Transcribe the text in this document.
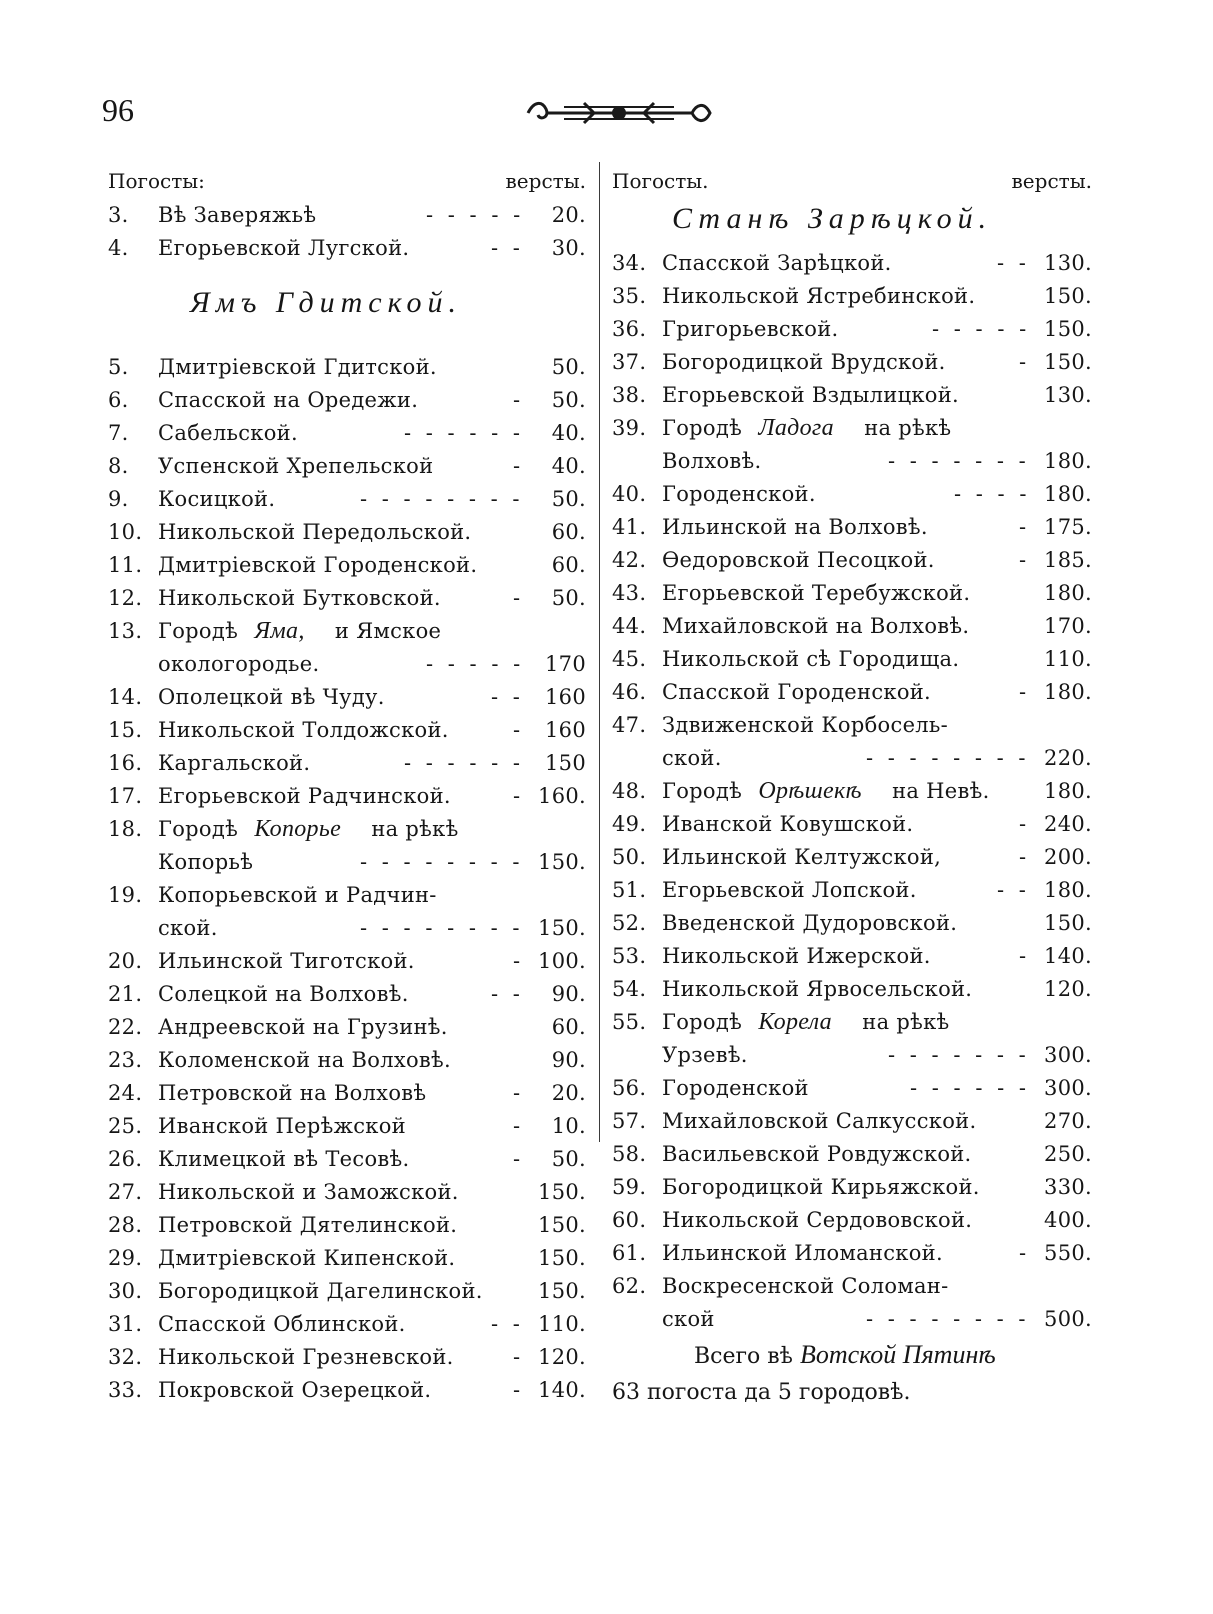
96
Погосты:	версты.
3.	Вѣ Заверяжьѣ	- - - - - 20.
4.	Егорьевской Лугской.	- - 30.
Ямъ Гдитской.
5.	Дмитріевской Гдитской.	50.
6.	Спасской на Оредежи.	- 50.
7.	Сабельской.	- - - - - - 40.
8.	Успенской Хрепельской	- 40.
9.	Косицкой.	- - - - - - - - 50.
10. Никольской Передольской.	60.
11. Дмитріевской Городенской.	60.
12. Никольской Бутковской.	- 50.
13. Городѣ Яма, и Ямское
окологородье.	- - - - - 170
14. Ополецкой вѣ Чуду.	- - 160
15. Никольской Толдожской.	- 160
16. Каргальской.	- - - - - - 150
17. Егорьевской Радчинской.	- 160.
18. Городѣ Копорье на рѣкѣ
Копорьѣ	- - - - - - - - 150.
19. Копорьевской и Радчин-
ской.	- - - - - - - - 150.
20. Ильинской Тиготской.	- 100.
21. Солецкой на Волховѣ.	- - 90.
22. Андреевской на Грузинѣ.	60.
23. Коломенской на Волховѣ.	90.
24. Петровской на Волховѣ	- 20.
25. Иванской Перѣжской	- 10.
26. Климецкой вѣ Тесовѣ.	- 50.
27. Никольской и Заможской.	150.
28. Петровской Дятелинской.	150.
29. Дмитріевской Кипенской.	150.
30. Богородицкой Дагелинской.	150.
31. Спасской Облинской.	- - 110.
32. Никольской Грезневской.	- 120.
33. Покровской Озерецкой.	- 140.
Погосты.	версты.
Станѣ Зарѣцкой.
34. Спасской Зарѣцкой.	- - 130.
35. Никольской Ястребинской.	150.
36. Григорьевской.	- - - - - 150.
37. Богородицкой Врудской.	- 150.
38. Егорьевской Вздылицкой.	130.
39. Городѣ Ладога на рѣкѣ
Волховѣ.	- - - - - - - 180.
40. Городенской.	- - - - 180.
41. Ильинской на Волховѣ.	- 175.
42. Ѳедоровской Песоцкой.	- 185.
43. Егорьевской Теребужской.	180.
44. Михайловской на Волховѣ.	170.
45. Никольской сѣ Городища.	110.
46. Спасской Городенской.	- 180.
47. Здвиженской Корбосель-
ской.	- - - - - - - - 220.
48. Городѣ Орѣшекѣ на Невѣ.	180.
49. Иванской Ковушской.	- 240.
50. Ильинской Келтужской,	- 200.
51. Егорьевской Лопской.	- - 180.
52. Введенской Дудоровской.	150.
53. Никольской Ижерской.	- 140.
54. Никольской Ярвосельской.	120.
55. Городѣ Корела на рѣкѣ
Урзевѣ.	- - - - - - - 300.
56. Городенской	- - - - - - 300.
57. Михайловской Салкусской.	270.
58. Васильевской Ровдужской.	250.
59. Богородицкой Кирьяжской.	330.
60. Никольской Сердововской.	400.
61. Ильинской Иломанской.	- 550.
62. Воскресенской Соломан-
ской	- - - - - - - - 500.
Всего вѣ Вотской Пятинѣ
63 погоста да 5 городовѣ.
